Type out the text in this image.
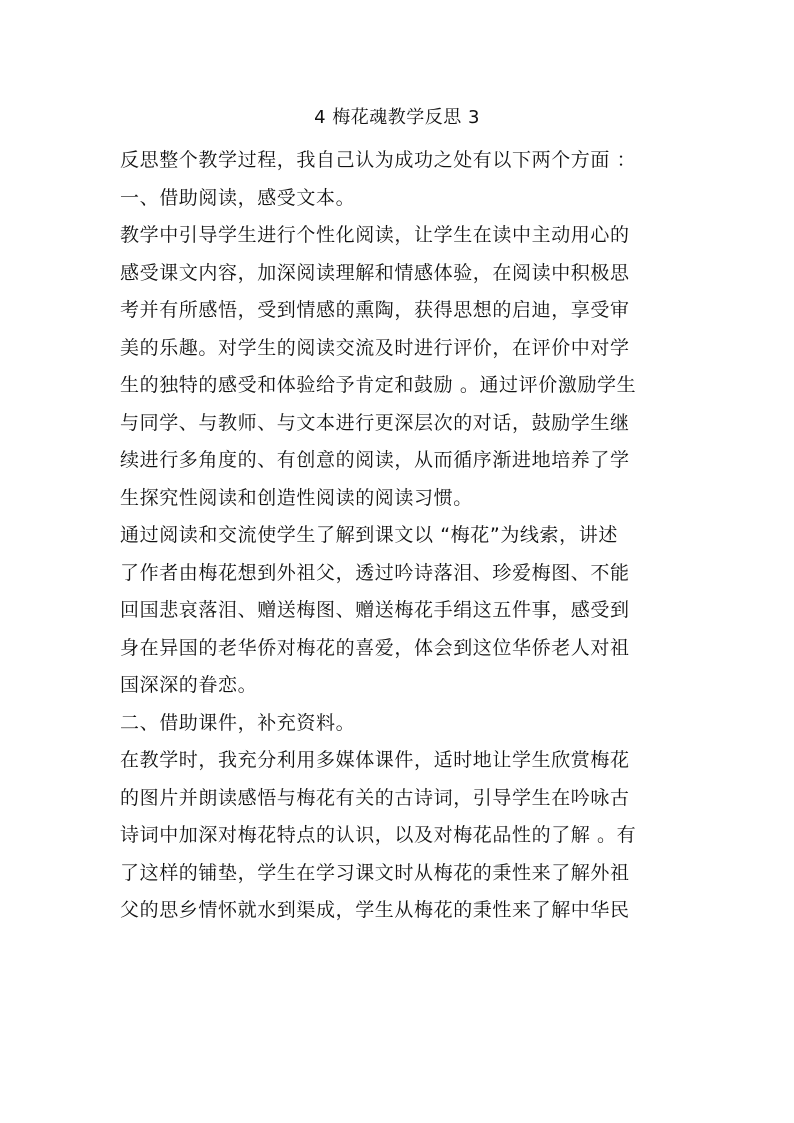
4 梅花魂教学反思 3
反思整个教学过程，我自己认为成功之处有以下两个方面 ：
一、借助阅读，感受文本。
教学中引导学生进行个性化阅读，让学生在读中主动用心的
感受课文内容，加深阅读理解和情感体验，在阅读中积极思
考并有所感悟，受到情感的熏陶，获得思想的启迪，享受审
美的乐趣。对学生的阅读交流及时进行评价，在评价中对学
生的独特的感受和体验给予肯定和鼓励 。通过评价激励学生
与同学、与教师、与文本进行更深层次的对话，鼓励学生继
续进行多角度的、有创意的阅读，从而循序渐进地培养了学
生探究性阅读和创造性阅读的阅读习惯。
通过阅读和交流使学生了解到课文以 “梅花”为线索，讲述
了作者由梅花想到外祖父，透过吟诗落泪、珍爱梅图、不能
回国悲哀落泪、赠送梅图、赠送梅花手绢这五件事，感受到
身在异国的老华侨对梅花的喜爱，体会到这位华侨老人对祖
国深深的眷恋。
二、借助课件，补充资料。
在教学时，我充分利用多媒体课件，适时地让学生欣赏梅花
的图片并朗读感悟与梅花有关的古诗词，引导学生在吟咏古
诗词中加深对梅花特点的认识，以及对梅花品性的了解 。有
了这样的铺垫，学生在学习课文时从梅花的秉性来了解外祖
父的思乡情怀就水到渠成，学生从梅花的秉性来了解中华民
